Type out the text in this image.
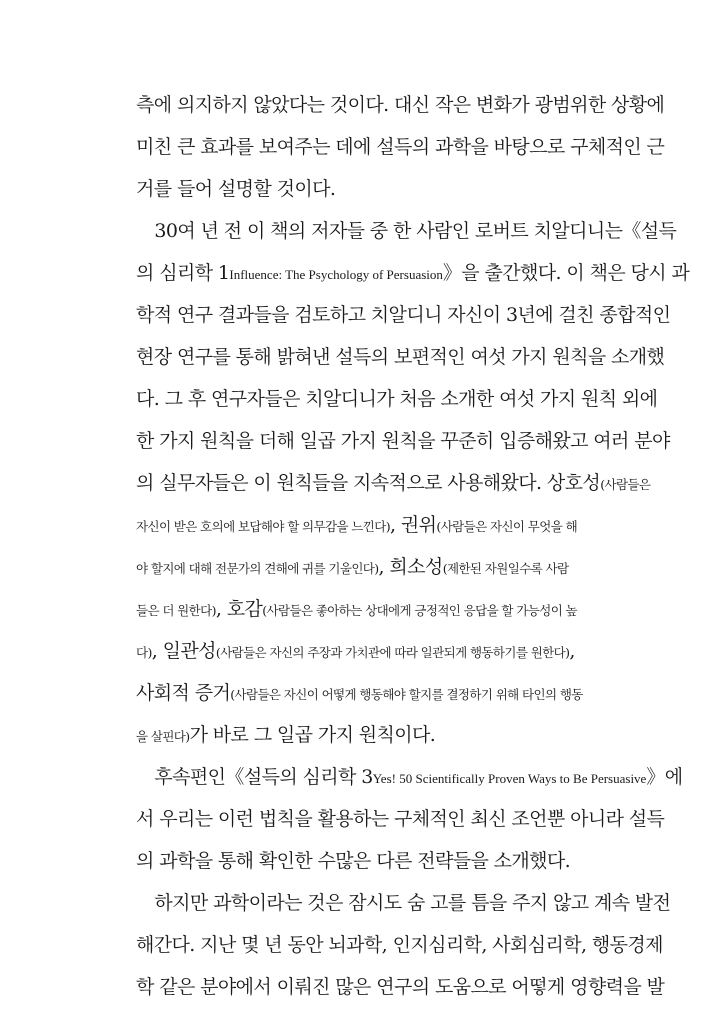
측에 의지하지 않았다는 것이다. 대신 작은 변화가 광범위한 상황에
미친 큰 효과를 보여주는 데에 설득의 과학을 바탕으로 구체적인 근
거를 들어 설명할 것이다.
　30여 년 전 이 책의 저자들 중 한 사람인 로버트 치알디니는《설득
의 심리학 1Influence: The Psychology of Persuasion》을 출간했다. 이 책은 당시 과
학적 연구 결과들을 검토하고 치알디니 자신이 3년에 걸친 종합적인
현장 연구를 통해 밝혀낸 설득의 보편적인 여섯 가지 원칙을 소개했
다. 그 후 연구자들은 치알디니가 처음 소개한 여섯 가지 원칙 외에
한 가지 원칙을 더해 일곱 가지 원칙을 꾸준히 입증해왔고 여러 분야
의 실무자들은 이 원칙들을 지속적으로 사용해왔다. 상호성(사람들은
자신이 받은 호의에 보답해야 할 의무감을 느낀다), 권위(사람들은 자신이 무엇을 해
야 할지에 대해 전문가의 견해에 귀를 기울인다), 희소성(제한된 자원일수록 사람
들은 더 원한다), 호감(사람들은 좋아하는 상대에게 긍정적인 응답을 할 가능성이 높
다), 일관성(사람들은 자신의 주장과 가치관에 따라 일관되게 행동하기를 원한다),
사회적 증거(사람들은 자신이 어떻게 행동해야 할지를 결정하기 위해 타인의 행동
을 살핀다)가 바로 그 일곱 가지 원칙이다.
　후속편인《설득의 심리학 3Yes! 50 Scientifically Proven Ways to Be Persuasive》에
서 우리는 이런 법칙을 활용하는 구체적인 최신 조언뿐 아니라 설득
의 과학을 통해 확인한 수많은 다른 전략들을 소개했다.
　하지만 과학이라는 것은 잠시도 숨 고를 틈을 주지 않고 계속 발전
해간다. 지난 몇 년 동안 뇌과학, 인지심리학, 사회심리학, 행동경제
학 같은 분야에서 이뤄진 많은 연구의 도움으로 어떻게 영향력을 발
